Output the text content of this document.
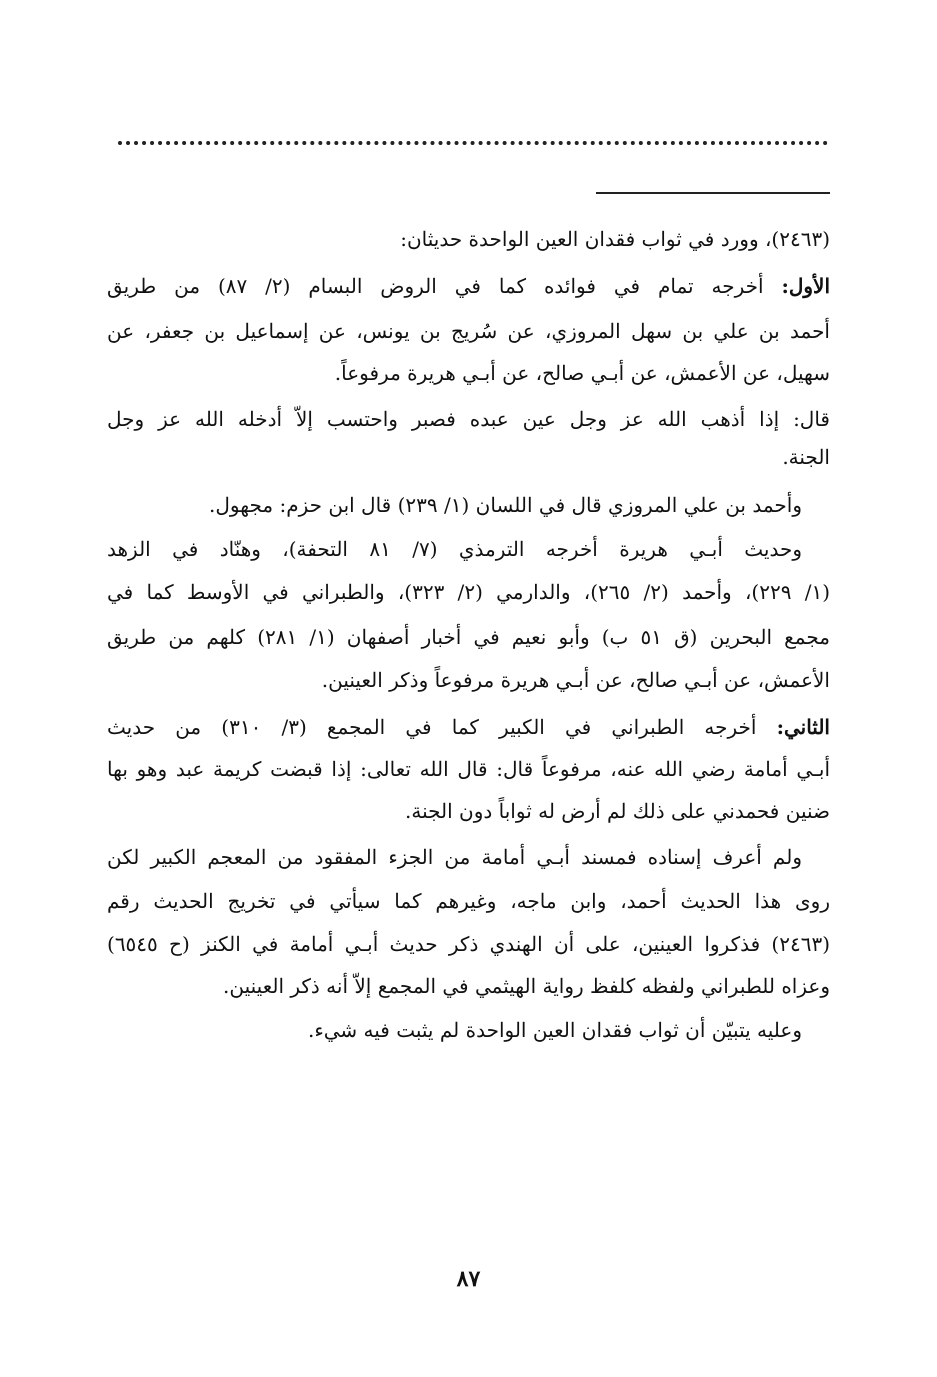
(٢٤٦٣)، وورد في ثواب فقدان العين الواحدة حديثان:
الأول: أخرجه تمام في فوائده كما في الروض البسام (٢/ ٨٧) من طريق
أحمد بن علي بن سهل المروزي، عن سُريج بن يونس، عن إسماعيل بن جعفر، عن
سهيل، عن الأعمش، عن أبـي صالح، عن أبـي هريرة مرفوعاً.
قال: إذا أذهب الله عز وجل عين عبده فصبر واحتسب إلاّ أدخله الله عز وجل
الجنة.
وأحمد بن علي المروزي قال في اللسان (١/ ٢٣٩) قال ابن حزم: مجهول.
وحديث أبـي هريرة أخرجه الترمذي (٧/ ٨١ التحفة)، وهنّاد في الزهد
(١/ ٢٢٩)، وأحمد (٢/ ٢٦٥)، والدارمي (٢/ ٣٢٣)، والطبراني في الأوسط كما في
مجمع البحرين (ق ٥١ ب) وأبو نعيم في أخبار أصفهان (١/ ٢٨١) كلهم من طريق
الأعمش، عن أبـي صالح، عن أبـي هريرة مرفوعاً وذكر العينين.
الثاني: أخرجه الطبراني في الكبير كما في المجمع (٣/ ٣١٠) من حديث
أبـي أمامة رضي الله عنه، مرفوعاً قال: قال الله تعالى: إذا قبضت كريمة عبد وهو بها
ضنين فحمدني على ذلك لم أرض له ثواباً دون الجنة.
ولم أعرف إسناده فمسند أبـي أمامة من الجزء المفقود من المعجم الكبير لكن
روى هذا الحديث أحمد، وابن ماجه، وغيرهم كما سيأتي في تخريج الحديث رقم
(٢٤٦٣) فذكروا العينين، على أن الهندي ذكر حديث أبـي أمامة في الكنز (ح ٦٥٤٥)
وعزاه للطبراني ولفظه كلفظ رواية الهيثمي في المجمع إلاّ أنه ذكر العينين.
وعليه يتبيّن أن ثواب فقدان العين الواحدة لم يثبت فيه شيء.
٨٧
